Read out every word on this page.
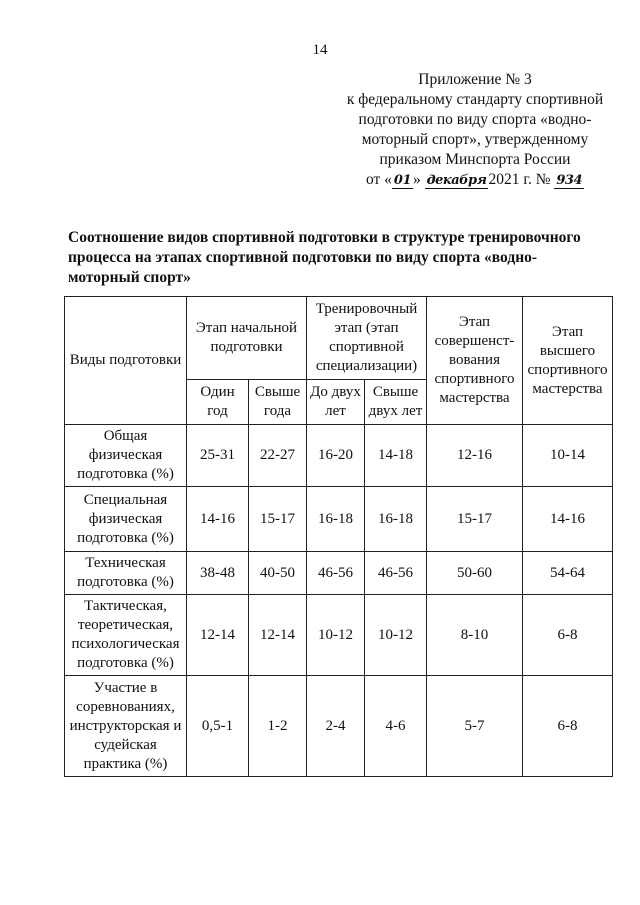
14
Приложение № 3
к федеральному стандарту спортивной
подготовки по виду спорта «водно-
моторный спорт», утвержденному
приказом Минспорта России
от « 01 » декабря 2021 г. № 934
Соотношение видов спортивной подготовки в структуре тренировочного процесса на этапах спортивной подготовки по виду спорта «водно-моторный спорт»
Виды подготовки	Этап начальной подготовки		Тренировочный этап (этап спортивной специализации)		Этап совершенст-вования спортивного мастерства	Этап высшего спортивного мастерства
	Один год	Свыше года	До двух лет	Свыше двух лет		
Общая физическая подготовка (%)	25-31	22-27	16-20	14-18	12-16	10-14
Специальная физическая подготовка (%)	14-16	15-17	16-18	16-18	15-17	14-16
Техническая подготовка (%)	38-48	40-50	46-56	46-56	50-60	54-64
Тактическая, теоретическая, психологическая подготовка (%)	12-14	12-14	10-12	10-12	8-10	6-8
Участие в соревнованиях, инструкторская и судейская практика (%)	0,5-1	1-2	2-4	4-6	5-7	6-8
